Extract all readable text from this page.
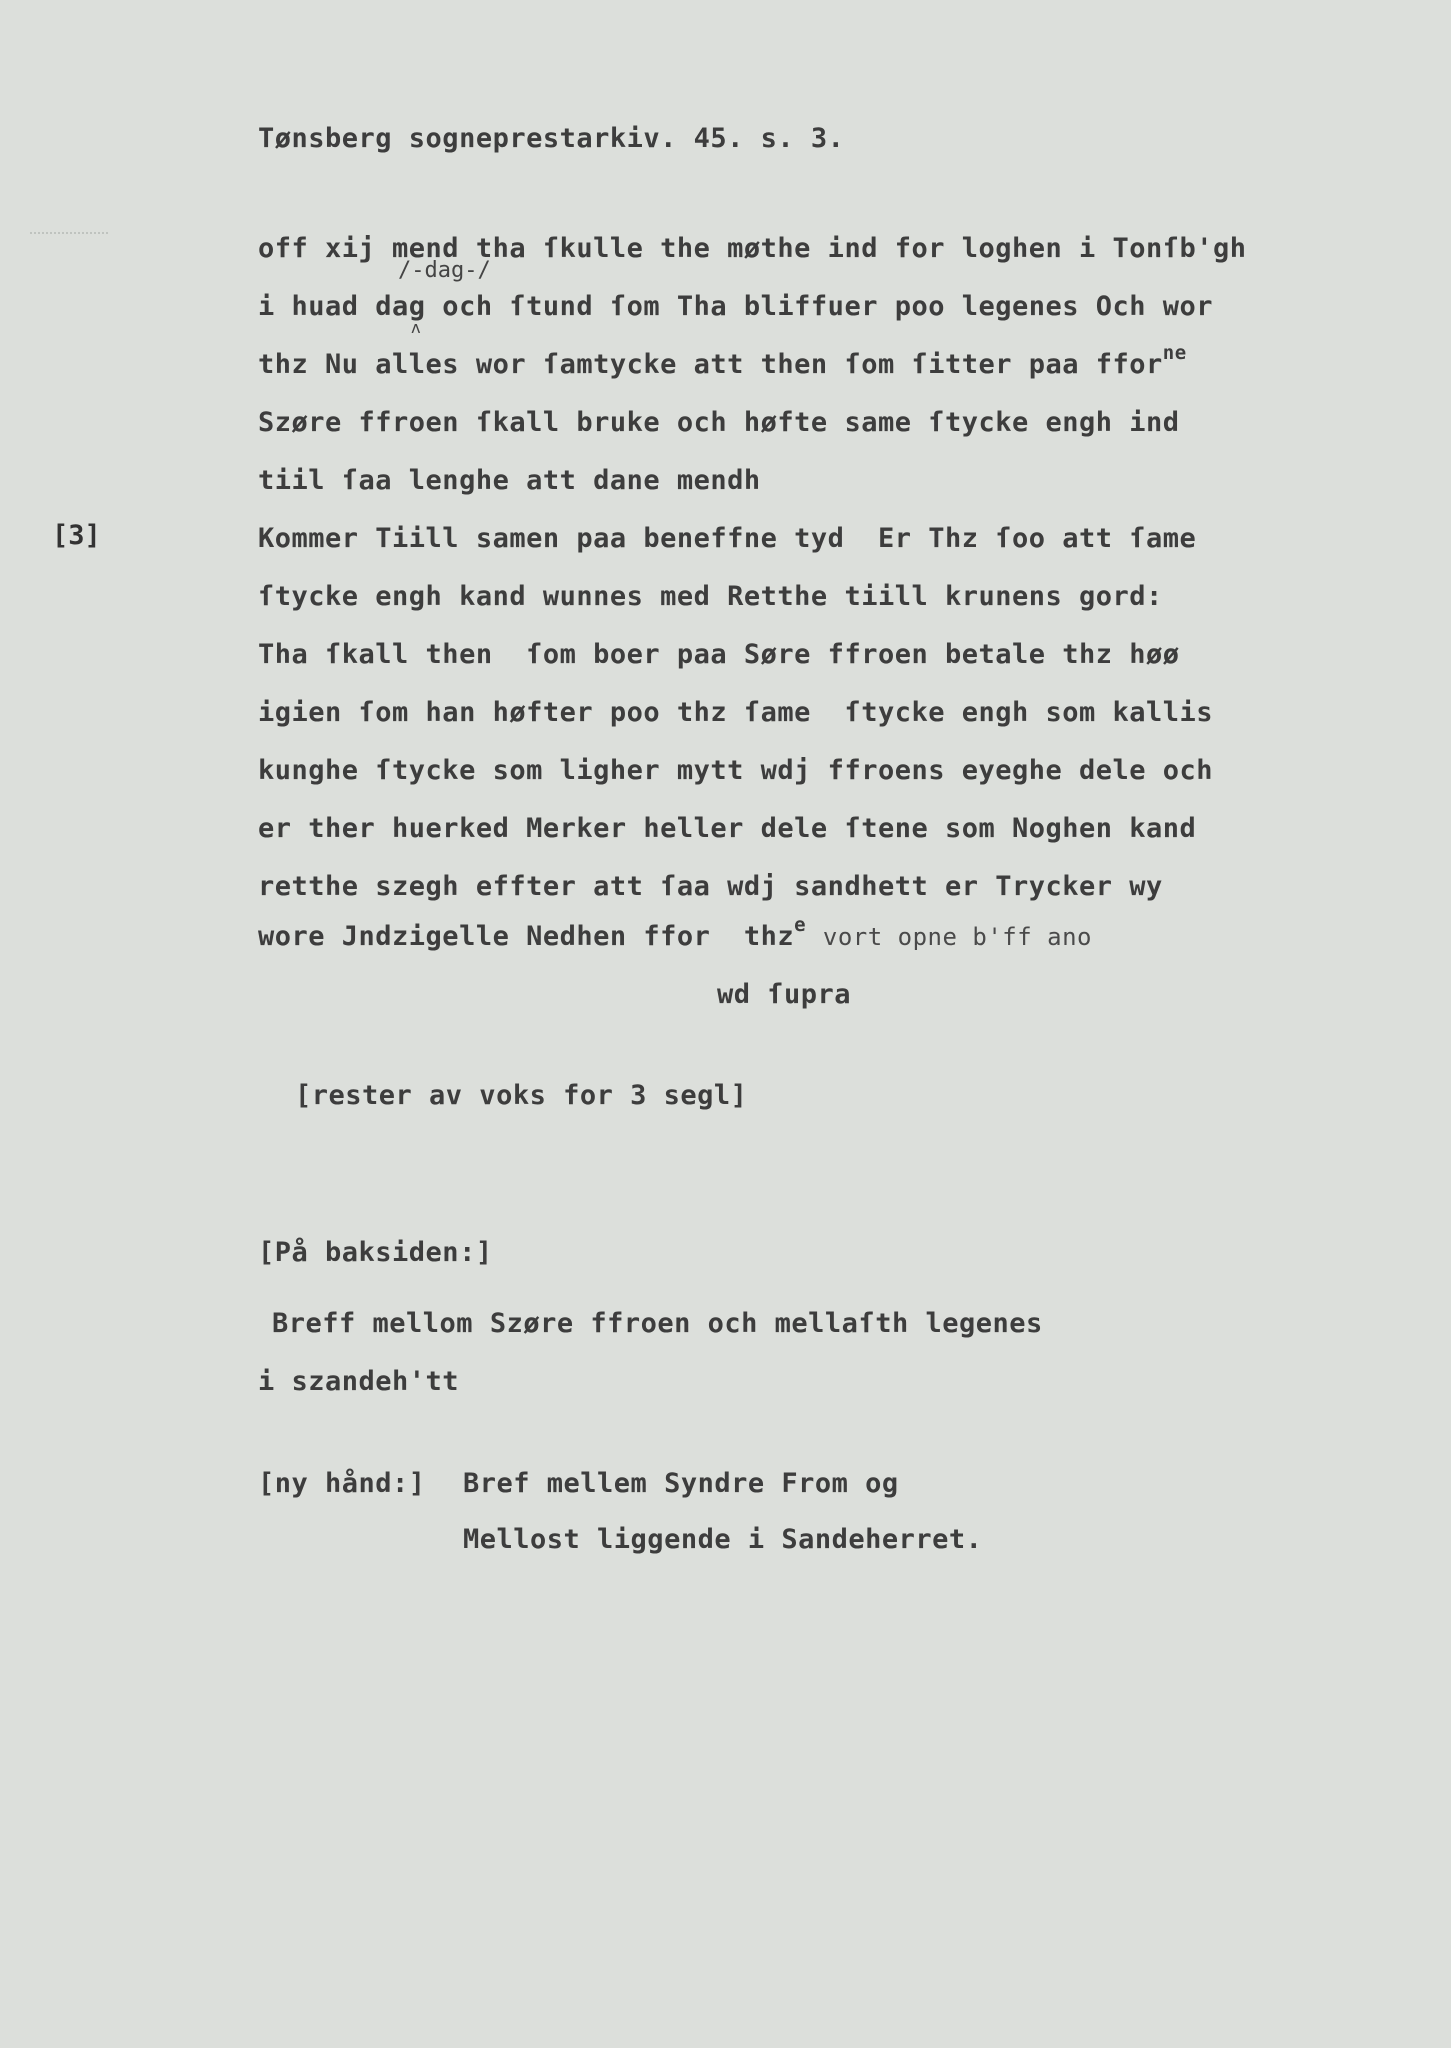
Tønsberg sogneprestarkiv. 45. s. 3.
/-dag-/
ʌ
off xij mend tha ſkulle the møthe ind for loghen i Tonſb'gh
i huad dag och ſtund ſom Tha bliffuer poo legenes Och wor
thz Nu alles wor ſamtycke att then ſom ſitter paa ffor$^{ne}$
Szøre ffroen ſkall bruke och høfte same ſtycke engh ind
tiil ſaa lenghe att dane mendh
[3]	Kommer Tiill samen paa beneffne tyd  Er Thz ſoo att ſame
ſtycke engh kand wunnes med Retthe tiill krunens gord:
Tha ſkall then  ſom boer paa Søre ffroen betale thz høø
igien ſom han høfter poo thz ſame  ſtycke engh som kallis
kunghe ſtycke som ligher mytt wdj ffroens eyeghe dele och
er ther huerked Merker heller dele ſtene som Noghen kand
retthe szegh effter att ſaa wdj sandhett er Trycker wy
wore Jndzigelle Nedhen ffor  thz$^e$ vort opne b'ff ano
wd ſupra
[rester av voks for 3 segl]
[På baksiden:]
Breff mellom Szøre ffroen och mellaſth legenes
i szandeh'tt
[ny hånd:] Bref mellem Syndre From og
Mellost liggende i Sandeherret.
